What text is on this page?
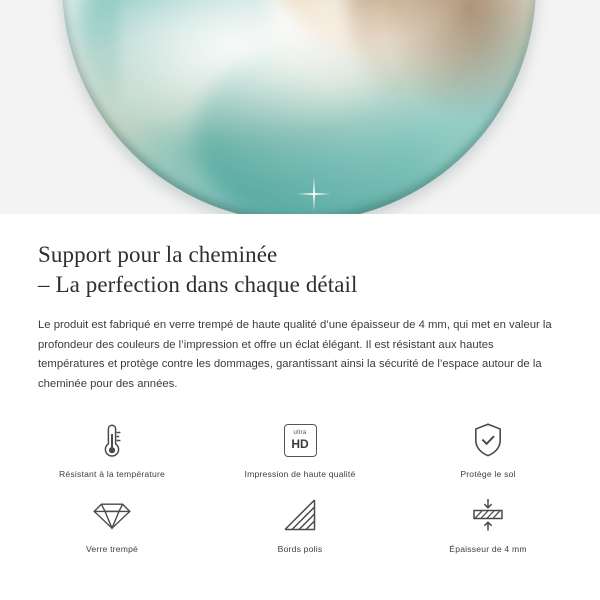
Support pour la cheminée
– La perfection dans chaque détail

Le produit est fabriqué en verre trempé de haute qualité d’une épaisseur de 4 mm, qui met en valeur la profondeur des couleurs de l’impression et offre un éclat élégant. Il est résistant aux hautes températures et protège contre les dommages, garantissant ainsi la sécurité de l’espace autour de la cheminée pour des années.

Résistant à la température
ultra
HD
Impression de haute qualité	Protège le sol
Verre trempé	Bords polis	Épaisseur de 4 mm
